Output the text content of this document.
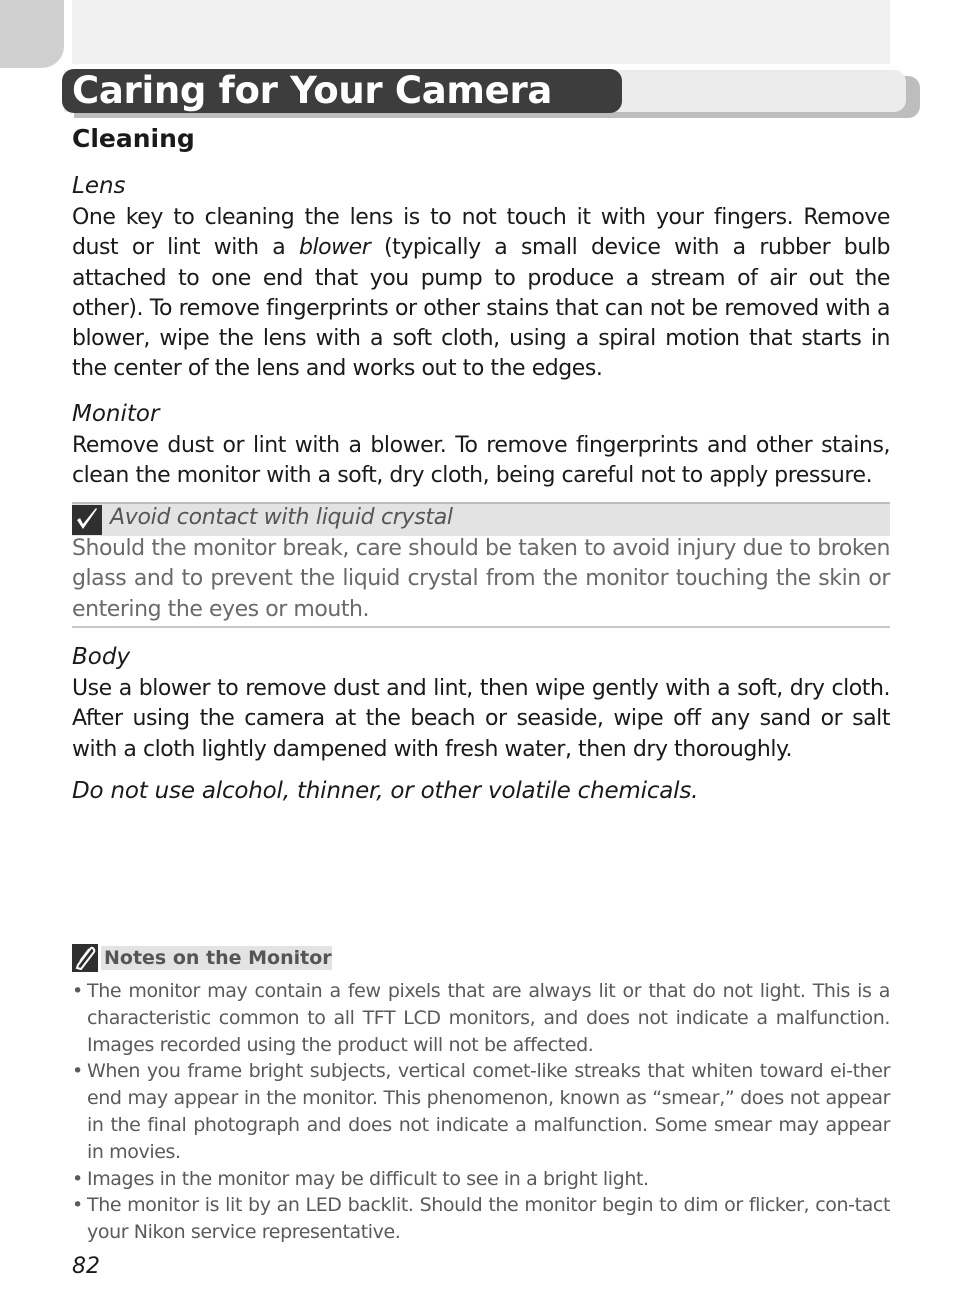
Caring for Your Camera
Cleaning
Lens

One key to cleaning the lens is to not touch it with your fingers. Remove dust or lint with a blower (typically a small device with a rubber bulb attached to one end that you pump to produce a stream of air out the other). To remove fingerprints or other stains that can not be removed with a blower, wipe the lens with a soft cloth, using a spiral motion that starts in the center of the lens and works out to the edges.

Monitor

Remove dust or lint with a blower. To remove fingerprints and other stains, clean the monitor with a soft, dry cloth, being careful not to apply pressure.

Avoid contact with liquid crystal

Should the monitor break, care should be taken to avoid injury due to broken glass and to prevent the liquid crystal from the monitor touching the skin or entering the eyes or mouth.

Body

Use a blower to remove dust and lint, then wipe gently with a soft, dry cloth. After using the camera at the beach or seaside, wipe off any sand or salt with a cloth lightly dampened with fresh water, then dry thoroughly.

Do not use alcohol, thinner, or other volatile chemicals.
Notes on the Monitor
• The monitor may contain a few pixels that are always lit or that do not light. This is a characteristic common to all TFT LCD monitors, and does not indicate a malfunction. Images recorded using the product will not be affected.
• When you frame bright subjects, vertical comet-like streaks that whiten toward ei-ther end may appear in the monitor. This phenomenon, known as “smear,” does not appear in the final photograph and does not indicate a malfunction. Some smear may appear in movies.
• Images in the monitor may be difficult to see in a bright light.
• The monitor is lit by an LED backlit. Should the monitor begin to dim or flicker, con-tact your Nikon service representative.
82
